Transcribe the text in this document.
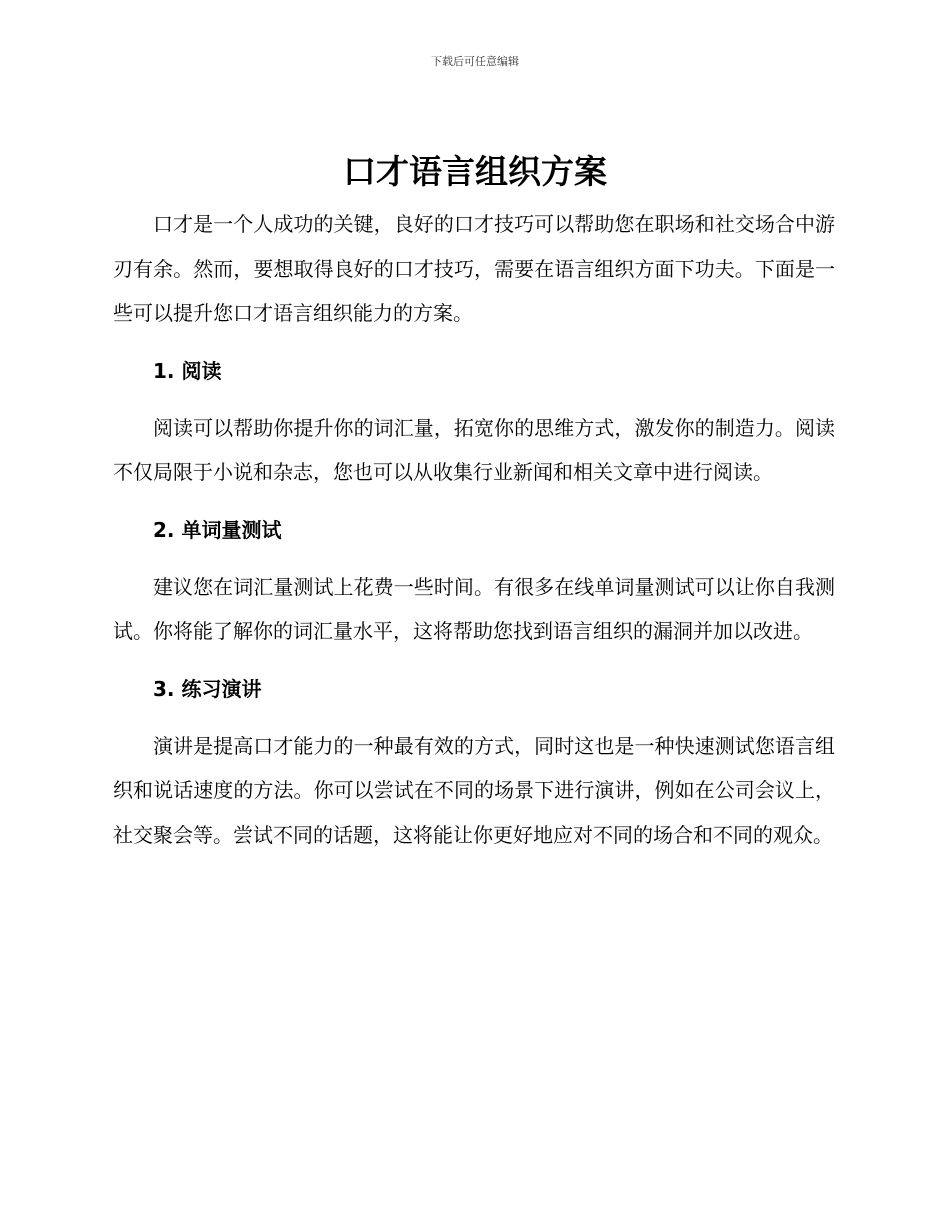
下载后可任意编辑
口才语言组织方案

口才是一个人成功的关键，良好的口才技巧可以帮助您在职场和社交场合中游刃有余。然而，要想取得良好的口才技巧，需要在语言组织方面下功夫。下面是一些可以提升您口才语言组织能力的方案。

1. 阅读

阅读可以帮助你提升你的词汇量，拓宽你的思维方式，激发你的制造力。阅读不仅局限于小说和杂志，您也可以从收集行业新闻和相关文章中进行阅读。

2. 单词量测试

建议您在词汇量测试上花费一些时间。有很多在线单词量测试可以让你自我测试。你将能了解你的词汇量水平，这将帮助您找到语言组织的漏洞并加以改进。

3. 练习演讲

演讲是提高口才能力的一种最有效的方式，同时这也是一种快速测试您语言组织和说话速度的方法。你可以尝试在不同的场景下进行演讲，例如在公司会议上，社交聚会等。尝试不同的话题，这将能让你更好地应对不同的场合和不同的观众。
